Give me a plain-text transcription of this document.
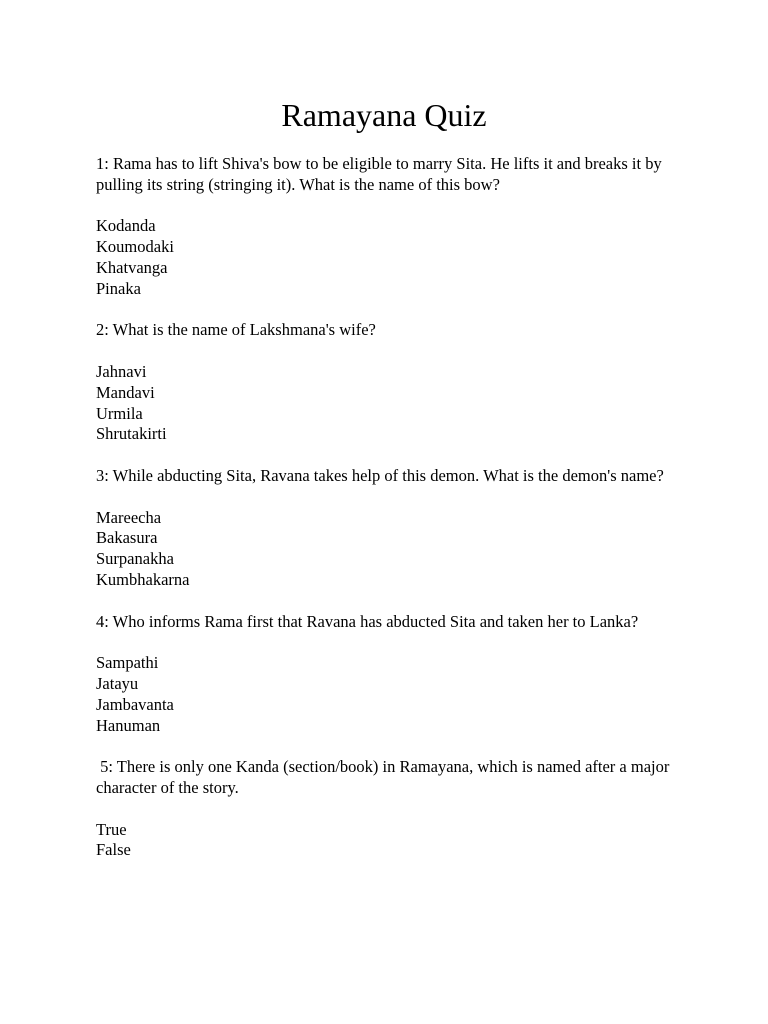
Ramayana Quiz

1: Rama has to lift Shiva's bow to be eligible to marry Sita. He lifts it and breaks it by pulling its string (stringing it). What is the name of this bow?

Kodanda
Koumodaki
Khatvanga
Pinaka

2: What is the name of Lakshmana's wife?

Jahnavi
Mandavi
Urmila
Shrutakirti

3: While abducting Sita, Ravana takes help of this demon. What is the demon's name?

Mareecha
Bakasura
Surpanakha
Kumbhakarna

4: Who informs Rama first that Ravana has abducted Sita and taken her to Lanka?

Sampathi
Jatayu
Jambavanta
Hanuman

5: There is only one Kanda (section/book) in Ramayana, which is named after a major character of the story.

True
False
